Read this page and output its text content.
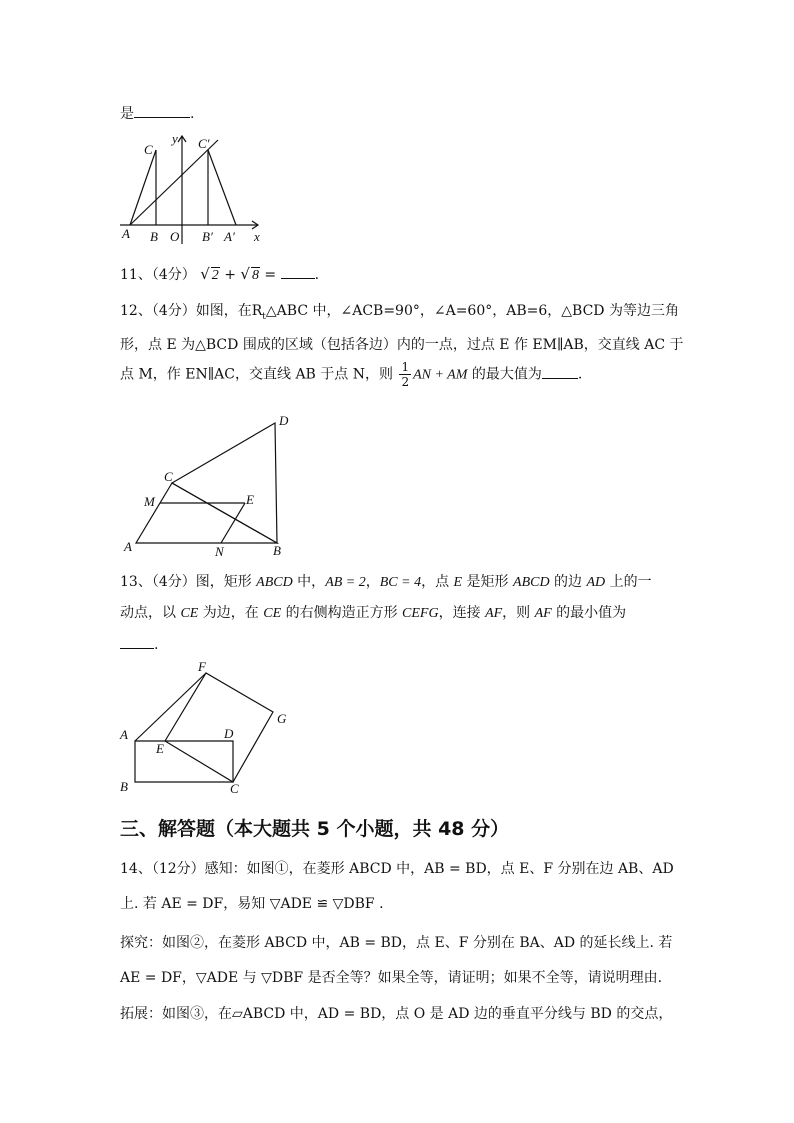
是	.
C
y C′
A B O B′ A′ x
11、（4分） √ 2 + √ 8 = .
12、（4分）如图，在$R_t\triangle ABC$ 中，∠ACB=90°，∠A=60°，AB=6，△BCD 为等边三角
形，点 E 为△BCD 围成的区域（包括各边）内的一点，过点 E 作 EM∥AB，交直线 AC 于
点 M，作 EN∥AC，交直线 AB 于点 N，则 $\frac{1}{2}$ AN + AM 的最大值为	.
D
C
M	E
A	N	B
13、（4分）图，矩形 ABCD 中，AB = 2，BC = 4，点 E 是矩形 ABCD 的边 AD 上的一
动点，以 CE 为边，在 CE 的右侧构造正方形 CEFG，连接 AF，则 AF 的最小值为
.
F
G
A	D
E
B	C
三、解答题（本大题共 5 个小题，共 48 分）
14、（12分）感知：如图①，在菱形 ABCD 中，AB = BD，点 E、F 分别在边 AB、AD
上. 若 AE = DF，易知 ▽ADE ≌ ▽DBF .
探究：如图②，在菱形 ABCD 中，AB = BD，点 E、F 分别在 BA、AD 的延长线上. 若
AE = DF，▽ADE 与 ▽DBF 是否全等？如果全等，请证明；如果不全等，请说明理由.
拓展：如图③，在▱ABCD 中，AD = BD，点 O 是 AD 边的垂直平分线与 BD 的交点，
